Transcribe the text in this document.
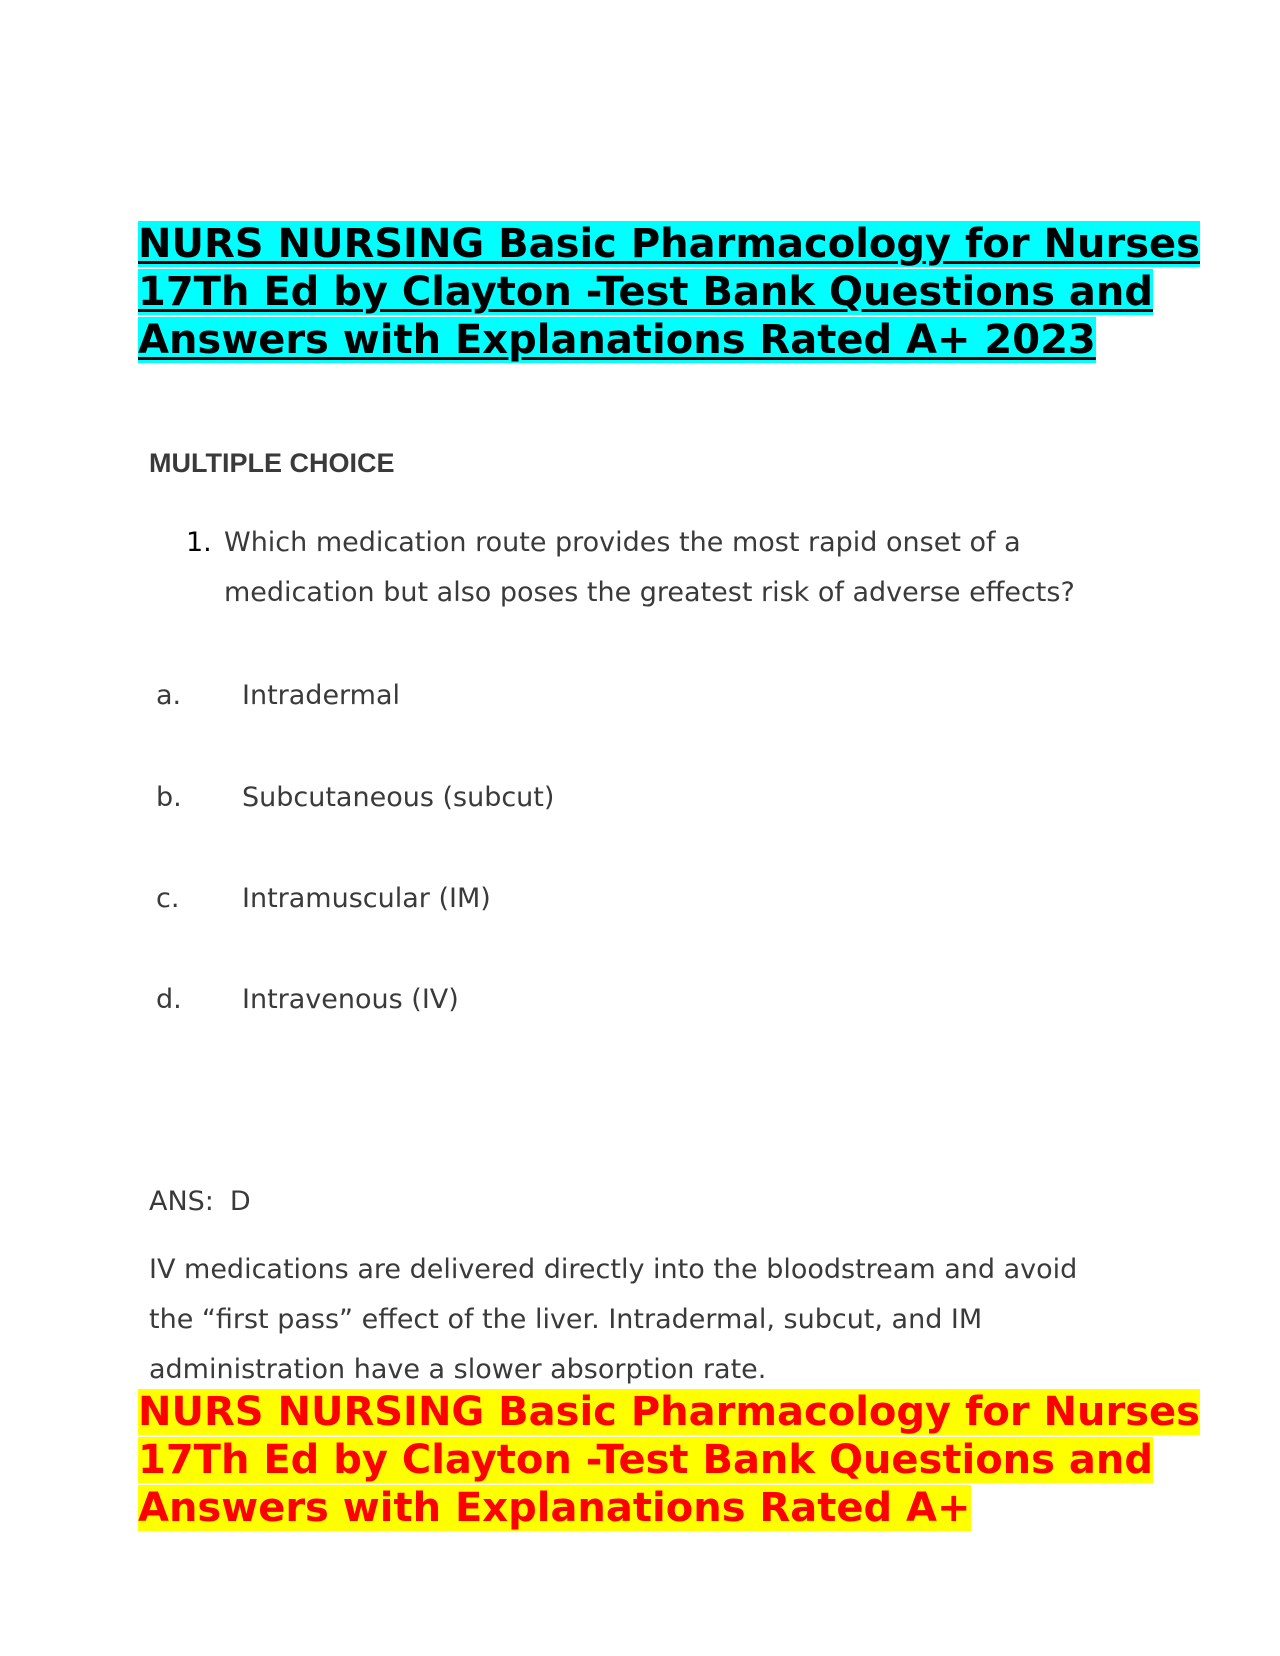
NURS NURSING Basic Pharmacology for Nurses 17Th Ed by Clayton -Test Bank Questions and Answers with Explanations Rated A+ 2023
MULTIPLE CHOICE

1. Which medication route provides the most rapid onset of a medication but also poses the greatest risk of adverse effects?

a. Intradermal
b. Subcutaneous (subcut)
c. Intramuscular (IM)
d. Intravenous (IV)
ANS: D

IV medications are delivered directly into the bloodstream and avoid the “first pass” effect of the liver. Intradermal, subcut, and IM administration have a slower absorption rate.

NURS NURSING Basic Pharmacology for Nurses 17Th Ed by Clayton -Test Bank Questions and Answers with Explanations Rated A+
